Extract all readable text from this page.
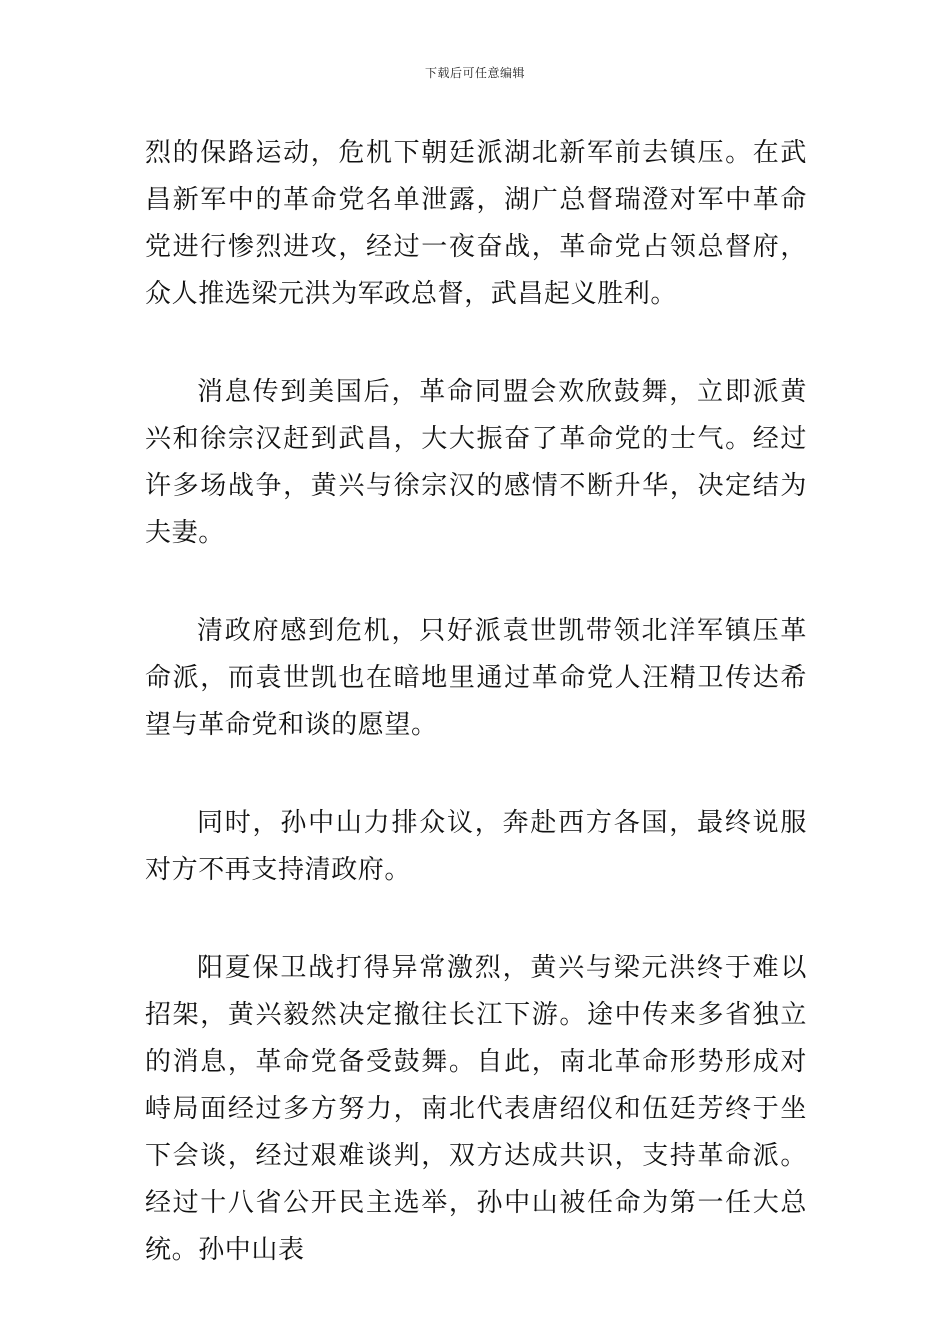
下载后可任意编辑

烈的保路运动，危机下朝廷派湖北新军前去镇压。在武昌新军中的革命党名单泄露，湖广总督瑞澄对军中革命党进行惨烈进攻，经过一夜奋战，革命党占领总督府，众人推选梁元洪为军政总督，武昌起义胜利。

消息传到美国后，革命同盟会欢欣鼓舞，立即派黄兴和徐宗汉赶到武昌，大大振奋了革命党的士气。经过许多场战争，黄兴与徐宗汉的感情不断升华，决定结为夫妻。

清政府感到危机，只好派袁世凯带领北洋军镇压革命派，而袁世凯也在暗地里通过革命党人汪精卫传达希望与革命党和谈的愿望。

同时，孙中山力排众议，奔赴西方各国，最终说服对方不再支持清政府。

阳夏保卫战打得异常激烈，黄兴与梁元洪终于难以招架，黄兴毅然决定撤往长江下游。途中传来多省独立的消息，革命党备受鼓舞。自此，南北革命形势形成对峙局面经过多方努力，南北代表唐绍仪和伍廷芳终于坐下会谈，经过艰难谈判，双方达成共识，支持革命派。经过十八省公开民主选举，孙中山被任命为第一任大总统。孙中山表
